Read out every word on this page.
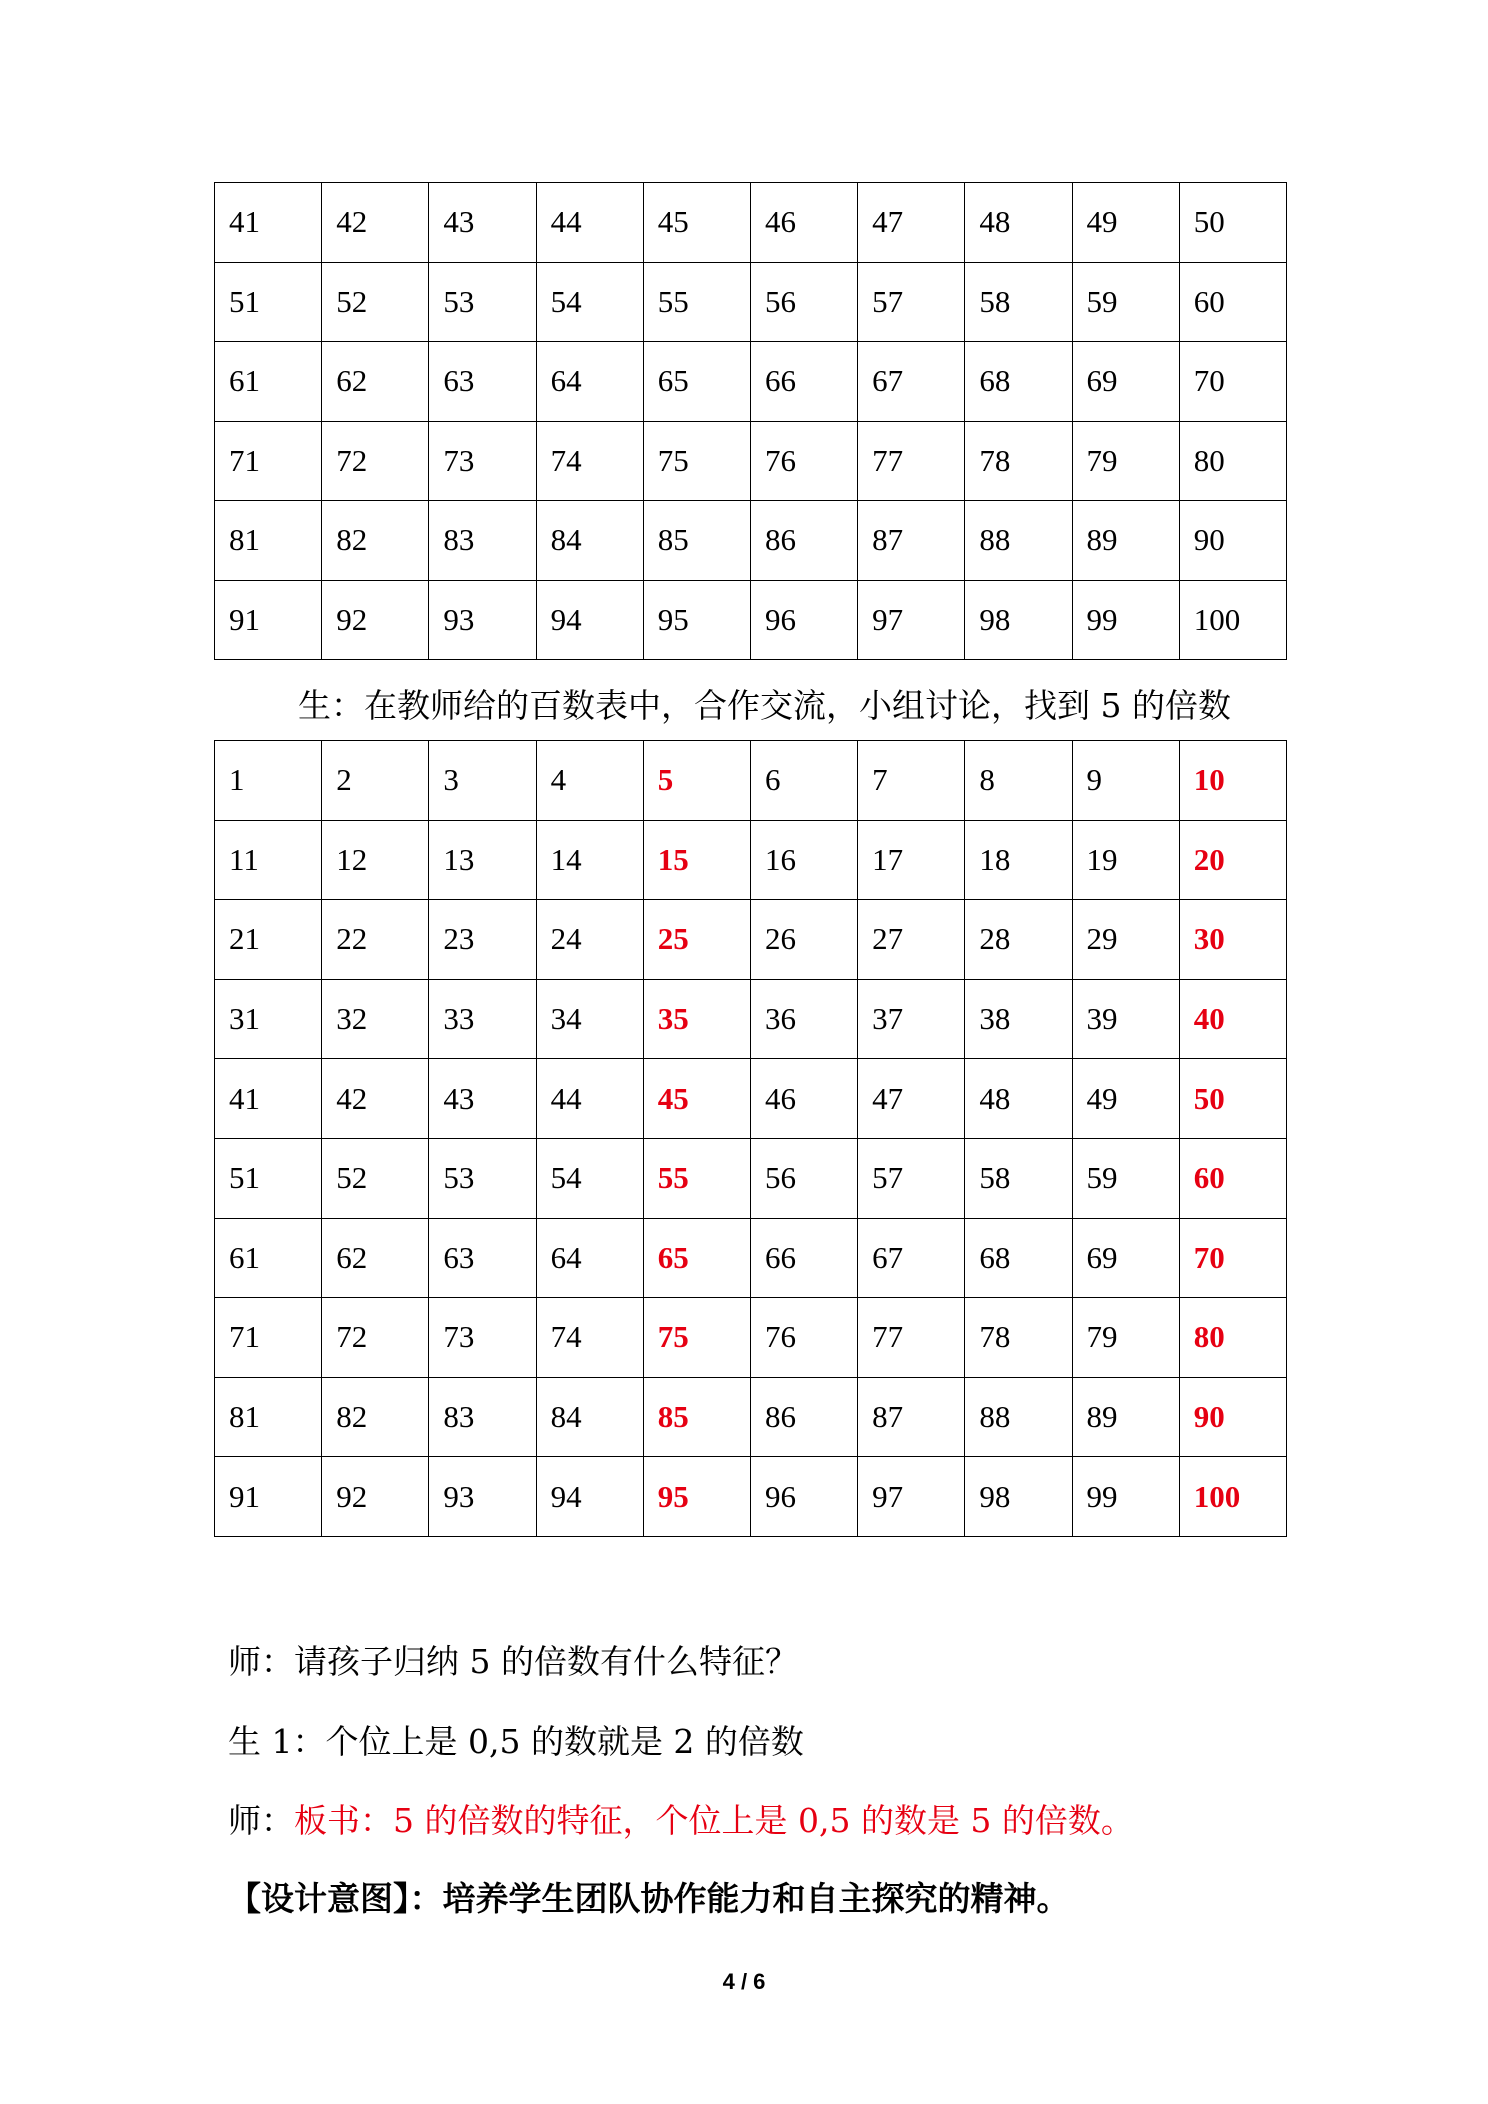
41	42	43	44	45	46	47	48	49	50
51	52	53	54	55	56	57	58	59	60
61	62	63	64	65	66	67	68	69	70
71	72	73	74	75	76	77	78	79	80
81	82	83	84	85	86	87	88	89	90
91	92	93	94	95	96	97	98	99	100
生：在教师给的百数表中，合作交流，小组讨论，找到 5 的倍数
1	2	3	4	5	6	7	8	9	10
11	12	13	14	15	16	17	18	19	20
21	22	23	24	25	26	27	28	29	30
31	32	33	34	35	36	37	38	39	40
41	42	43	44	45	46	47	48	49	50
51	52	53	54	55	56	57	58	59	60
61	62	63	64	65	66	67	68	69	70
71	72	73	74	75	76	77	78	79	80
81	82	83	84	85	86	87	88	89	90
91	92	93	94	95	96	97	98	99	100
师：请孩子归纳 5 的倍数有什么特征？
生 1：个位上是 0,5 的数就是 2 的倍数
师：板书：5 的倍数的特征，个位上是 0,5 的数是 5 的倍数。
【设计意图】：培养学生团队协作能力和自主探究的精神。
4 / 6
